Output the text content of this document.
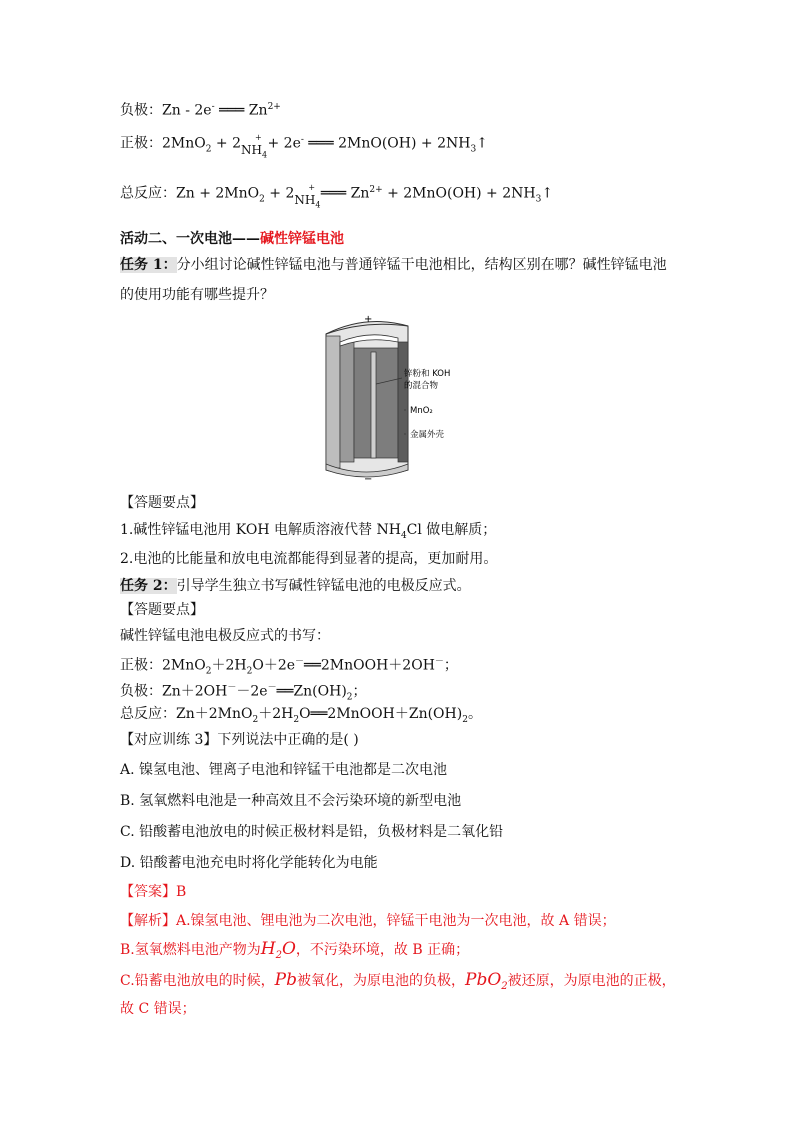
负极：Zn - 2e- ═══ $Zn^{2+}$
正极：2MnO$_2$ + 2 +
$NH_4$
+ 2e- ═══ $2MnO(OH) + 2NH_3↑$
总反应：Zn + 2MnO$_2$ + 2 +
$NH_4$
═══ $Zn^{2+} + 2MnO(OH)$ + $2NH_3↑$
活动二、一次电池——碱性锌锰电池
任务 1：分小组讨论碱性锌锰电池与普通锌锰干电池相比，结构区别在哪？碱性锌锰电池
的使用功能有哪些提升？
+
−
锌粉和 KOH
的混合物
MnO₂
金属外壳
【答题要点】
1.碱性锌锰电池用 KOH 电解质溶液代替 $NH_4Cl$ 做电解质；
2.电池的比能量和放电电流都能得到显著的提高，更加耐用。
任务 2：引导学生独立书写碱性锌锰电池的电极反应式。
【答题要点】
碱性锌锰电池电极反应式的书写：
正极：$2MnO_2+2H_2O+2e^-══2MnOOH+2OH^-$；
负极：$Zn+2OH^--2e^-══Zn(OH)_2$；
总反应：$Zn+2MnO_2+2H_2O══2MnOOH+Zn(OH)_2$。
【对应训练 3】下列说法中正确的是( )
A. 镍氢电池、锂离子电池和锌锰干电池都是二次电池
B. 氢氧燃料电池是一种高效且不会污染环境的新型电池
C. 铅酸蓄电池放电的时候正极材料是铅，负极材料是二氧化铅
D. 铅酸蓄电池充电时将化学能转化为电能
【答案】B
【解析】A.镍氢电池、锂电池为二次电池，锌锰干电池为一次电池，故 A 错误；
B.氢氧燃料电池产物为$H_2O$，不污染环境，故 B 正确；
C.铅蓄电池放电的时候，Pb被氧化，为原电池的负极，PbO$_2$被还原，为原电池的正极，
故 C 错误；
